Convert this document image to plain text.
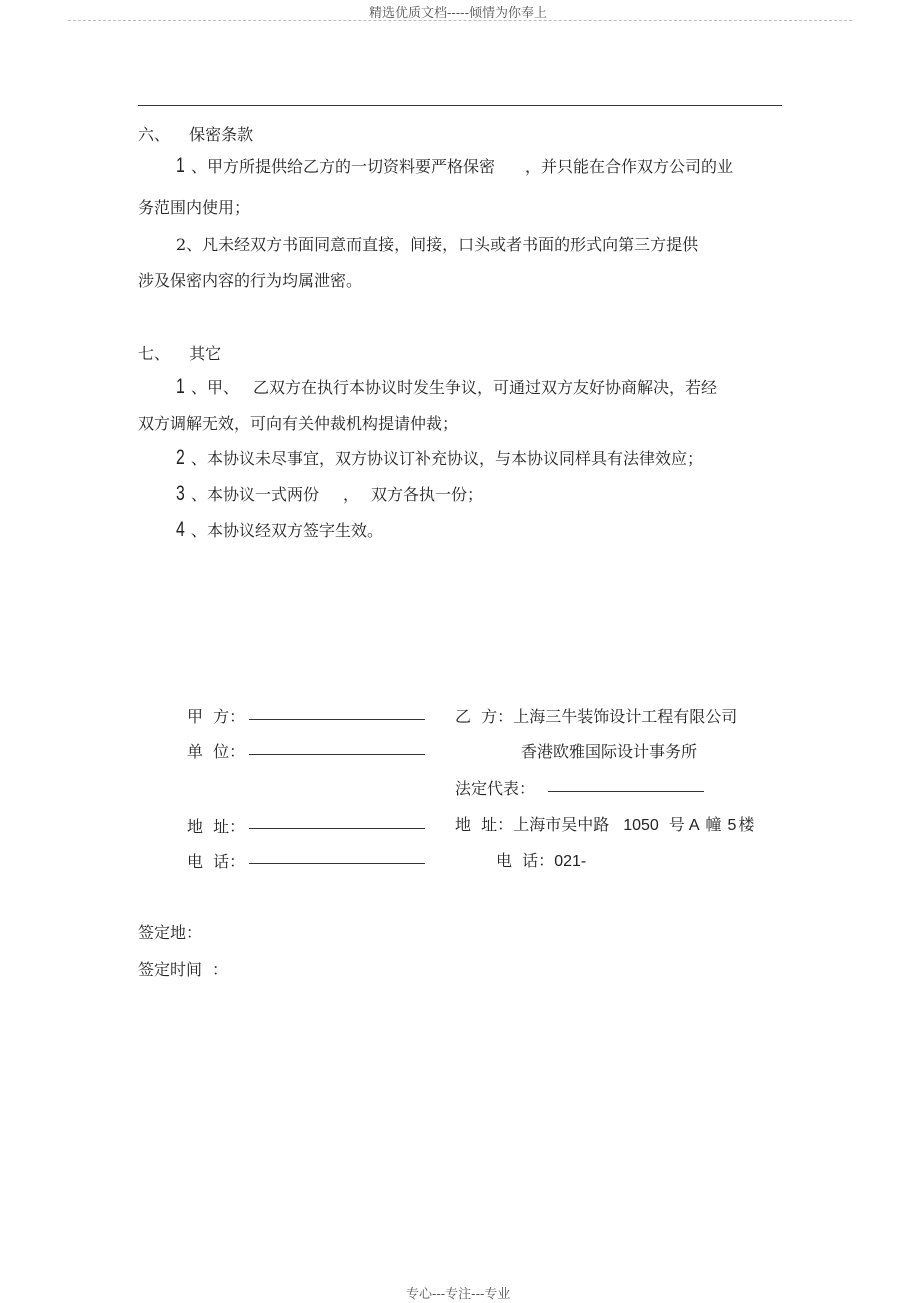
精选优质文档-----倾情为你奉上
六、 保密条款
1 、甲方所提供给乙方的一切资料要严格保密 ，并只能在合作双方公司的业
务范围内使用；
2、凡未经双方书面同意而直接，间接，口头或者书面的形式向第三方提供
涉及保密内容的行为均属泄密。
七、 其它
1 、甲、 乙双方在执行本协议时发生争议，可通过双方友好协商解决，若经
双方调解无效，可向有关仲裁机构提请仲裁；
2 、本协议未尽事宜，双方协议订补充协议，与本协议同样具有法律效应；
3 、本协议一式两份 ， 双方各执一份；
4 、本协议经双方签字生效。
甲  方：
单  位：
地  址：
电  话：
乙  方：上海三牛装饰设计工程有限公司
香港欧雅国际设计事务所
法定代表：
地  址：上海市吴中路 1050 号 A 幢 5 楼
电  话：021-
签定地：
签定时间 ：
专心---专注---专业
